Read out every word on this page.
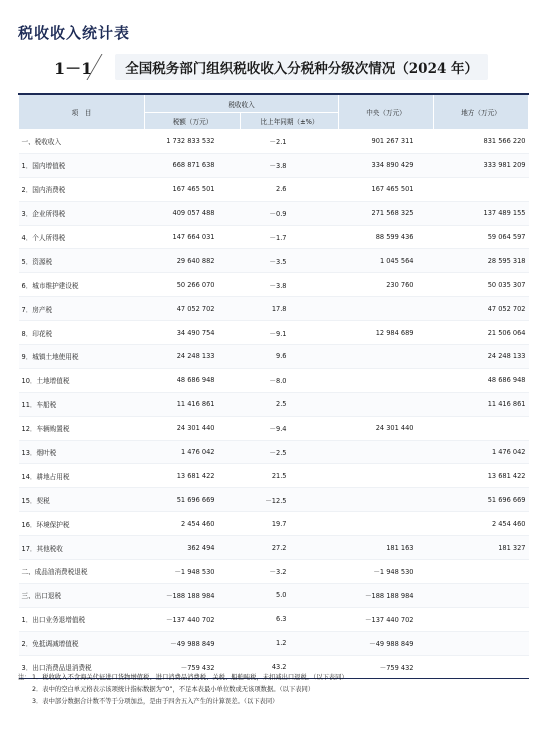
税收收入统计表
1－1	全国税务部门组织税收收入分税种分级次情况（2024 年）
项　目	税收收入		中央（万元）	地方（万元）
	税额（万元）	比上年同期（±%）		
一、税收收入	1 732 833 532	－2.1	901 267 311	831 566 220
1．国内增值税	668 871 638	－3.8	334 890 429	333 981 209
2．国内消费税	167 465 501	2.6	167 465 501	
3．企业所得税	409 057 488	－0.9	271 568 325	137 489 155
4．个人所得税	147 664 031	－1.7	88 599 436	59 064 597
5．资源税	29 640 882	－3.5	1 045 564	28 595 318
6．城市维护建设税	50 266 070	－3.8	230 760	50 035 307
7．房产税	47 052 702	17.8		47 052 702
8．印花税	34 490 754	－9.1	12 984 689	21 506 064
9．城镇土地使用税	24 248 133	9.6		24 248 133
10．土地增值税	48 686 948	－8.0		48 686 948
11．车船税	11 416 861	2.5		11 416 861
12．车辆购置税	24 301 440	－9.4	24 301 440	
13．烟叶税	1 476 042	－2.5		1 476 042
14．耕地占用税	13 681 422	21.5		13 681 422
15．契税	51 696 669	－12.5		51 696 669
16．环境保护税	2 454 460	19.7		2 454 460
17．其他税收	362 494	27.2	181 163	181 327
二、成品油消费税退税	－1 948 530	－3.2	－1 948 530	
三、出口退税	－188 188 984	5.0	－188 188 984	
1．出口业务退增值税	－137 440 702	6.3	－137 440 702	
2．免抵调减增值税	－49 988 849	1.2	－49 988 849	
3．出口消费品退消费税	－759 432	43.2	－759 432	
注： 1．税收收入不含海关代征进口货物增值税、进口消费品消费税、关税、船舶吨税，未扣减出口退税。（以下表同）
2．表中的空白单元格表示该项统计指标数据为“0”，不足本表最小单位数或无该项数据。（以下表同）
3．表中部分数据合计数不等于分项加总，是由于四舍五入产生的计算误差。（以下表同）
